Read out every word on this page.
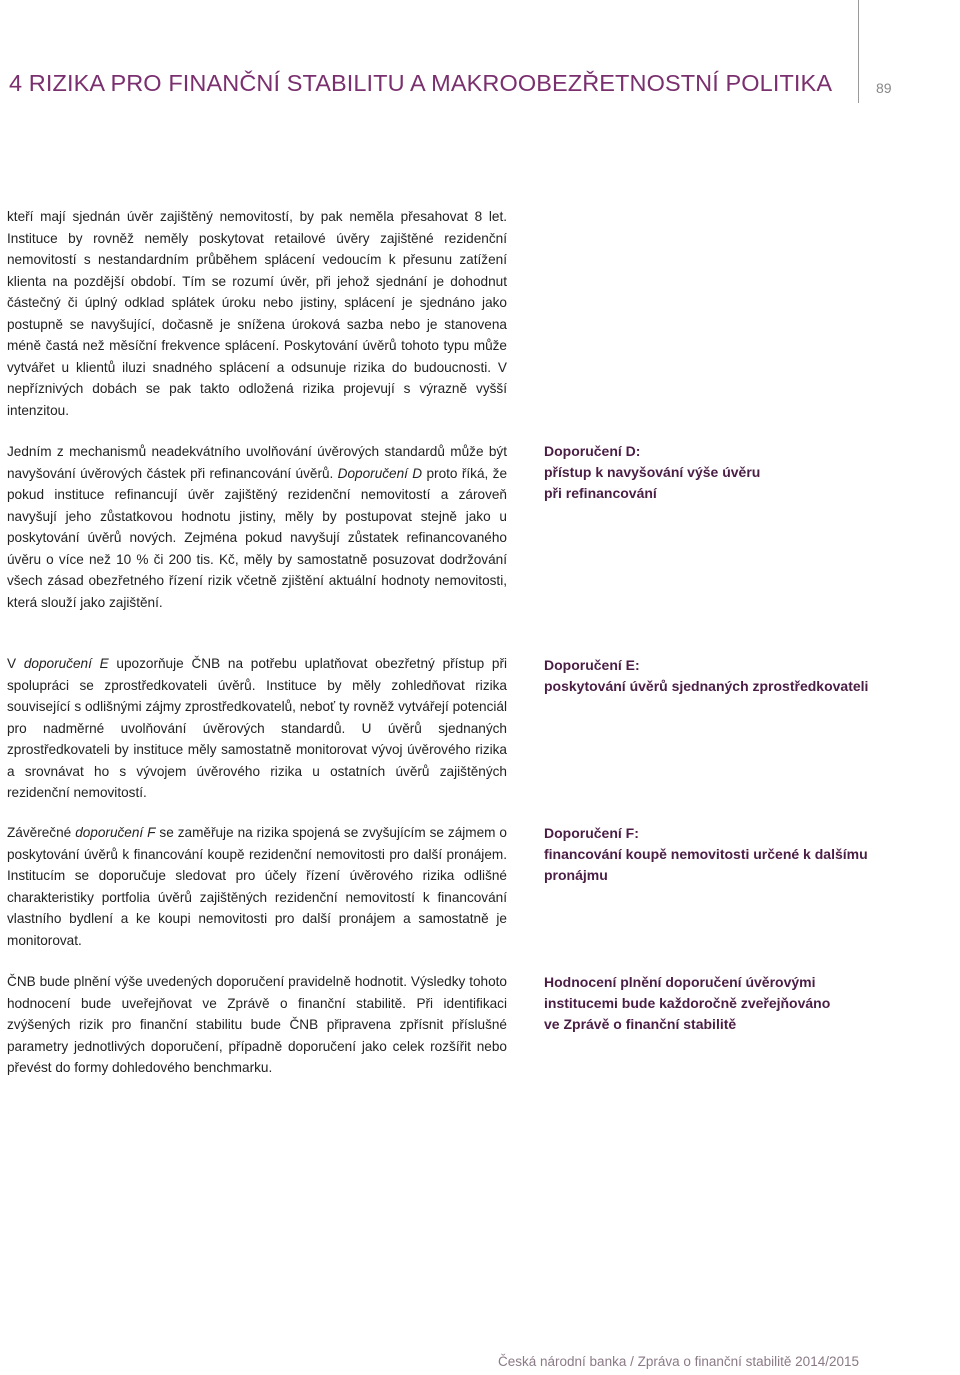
4 RIZIKA PRO FINANČNÍ STABILITU A MAKROOBEZŘETNOSTNÍ POLITIKA	89

kteří mají sjednán úvěr zajištěný nemovitostí, by pak neměla přesahovat 8 let. Instituce by rovněž neměly poskytovat retailové úvěry zajištěné rezidenční nemovitostí s nestandardním průběhem splácení vedoucím k přesunu zatížení klienta na pozdější období. Tím se rozumí úvěr, při jehož sjednání je dohodnut částečný či úplný odklad splátek úroku nebo jistiny, splácení je sjednáno jako postupně se navyšující, dočasně je snížena úroková sazba nebo je stanovena méně častá než měsíční frekvence splácení. Poskytování úvěrů tohoto typu může vytvářet u klientů iluzi snadného splácení a odsunuje rizika do budoucnosti. V nepříznivých dobách se pak takto odložená rizika projevují s výrazně vyšší intenzitou.

Jedním z mechanismů neadekvátního uvolňování úvěrových standardů může být navyšování úvěrových částek při refinancování úvěrů. Doporučení D proto říká, že pokud instituce refinancují úvěr zajištěný rezidenční nemovitostí a zároveň navyšují jeho zůstatkovou hodnotu jistiny, měly by postupovat stejně jako u poskytování úvěrů nových. Zejména pokud navyšují zůstatek refinancovaného úvěru o více než 10 % či 200 tis. Kč, měly by samostatně posuzovat dodržování všech zásad obezřetného řízení rizik včetně zjištění aktuální hodnoty nemovitosti, která slouží jako zajištění.

V doporučení E upozorňuje ČNB na potřebu uplatňovat obezřetný přístup při spolupráci se zprostředkovateli úvěrů. Instituce by měly zohledňovat rizika související s odlišnými zájmy zprostředkovatelů, neboť ty rovněž vytvářejí potenciál pro nadměrné uvolňování úvěrových standardů. U úvěrů sjednaných zprostředkovateli by instituce měly samostatně monitorovat vývoj úvěrového rizika a srovnávat ho s vývojem úvěrového rizika u ostatních úvěrů zajištěných rezidenční nemovitostí.

Závěrečné doporučení F se zaměřuje na rizika spojená se zvyšujícím se zájmem o poskytování úvěrů k financování koupě rezidenční nemovitosti pro další pronájem. Institucím se doporučuje sledovat pro účely řízení úvěrového rizika odlišné charakteristiky portfolia úvěrů zajištěných rezidenční nemovitostí k financování vlastního bydlení a ke koupi nemovitosti pro další pronájem a samostatně je monitorovat.

ČNB bude plnění výše uvedených doporučení pravidelně hodnotit. Výsledky tohoto hodnocení bude uveřejňovat ve Zprávě o finanční stabilitě. Při identifikaci zvýšených rizik pro finanční stabilitu bude ČNB připravena zpřísnit příslušné parametry jednotlivých doporučení, případně doporučení jako celek rozšířit nebo převést do formy dohledového benchmarku.

Doporučení D:
přístup k navyšování výše úvěru
při refinancování
Doporučení E:
poskytování úvěrů sjednaných zprostředkovateli
Doporučení F:
financování koupě nemovitosti určené k dalšímu
pronájmu
Hodnocení plnění doporučení úvěrovými
institucemi bude každoročně zveřejňováno
ve Zprávě o finanční stabilitě
Česká národní banka / Zpráva o finanční stabilitě 2014/2015
